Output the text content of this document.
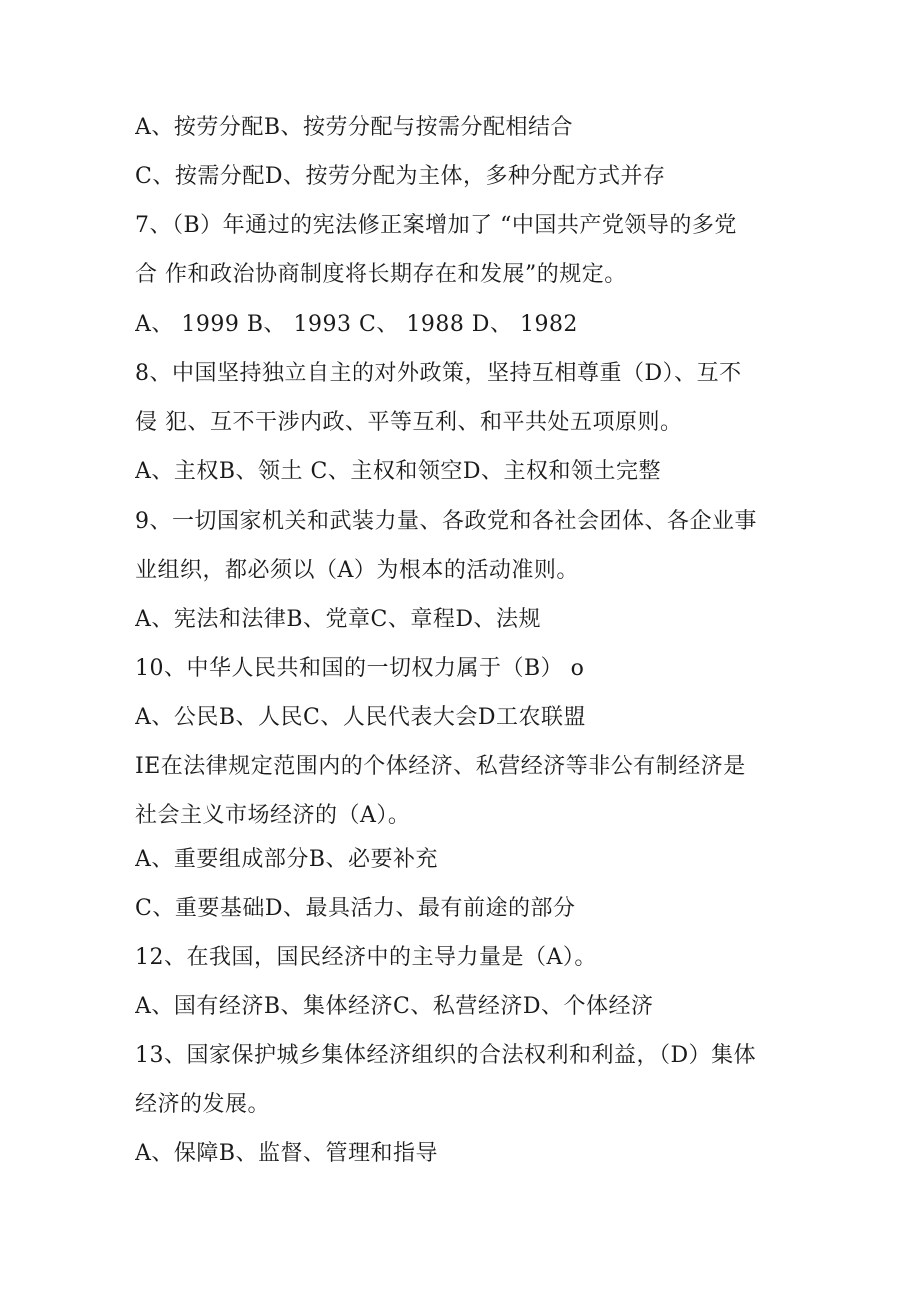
A、按劳分配B、按劳分配与按需分配相结合
C、按需分配D、按劳分配为主体，多种分配方式并存
7、（B）年通过的宪法修正案增加了 “中国共产党领导的多党
合 作和政治协商制度将长期存在和发展”的规定。
A、 1999 B、 1993 C、 1988 D、 1982
8、中国坚持独立自主的对外政策，坚持互相尊重（D）、互不
侵 犯、互不干涉内政、平等互利、和平共处五项原则。
A、主权B、领土 C、主权和领空D、主权和领土完整
9、一切国家机关和武装力量、各政党和各社会团体、各企业事
业组织，都必须以（A）为根本的活动准则。
A、宪法和法律B、党章C、章程D、法规
10、中华人民共和国的一切权力属于（B） o
A、公民B、人民C、人民代表大会D工农联盟
IE在法律规定范围内的个体经济、私营经济等非公有制经济是
社会主义市场经济的（A）。
A、重要组成部分B、必要补充
C、重要基础D、最具活力、最有前途的部分
12、在我国，国民经济中的主导力量是（A）。
A、国有经济B、集体经济C、私营经济D、个体经济
13、国家保护城乡集体经济组织的合法权利和利益，（D）集体
经济的发展。
A、保障B、监督、管理和指导
